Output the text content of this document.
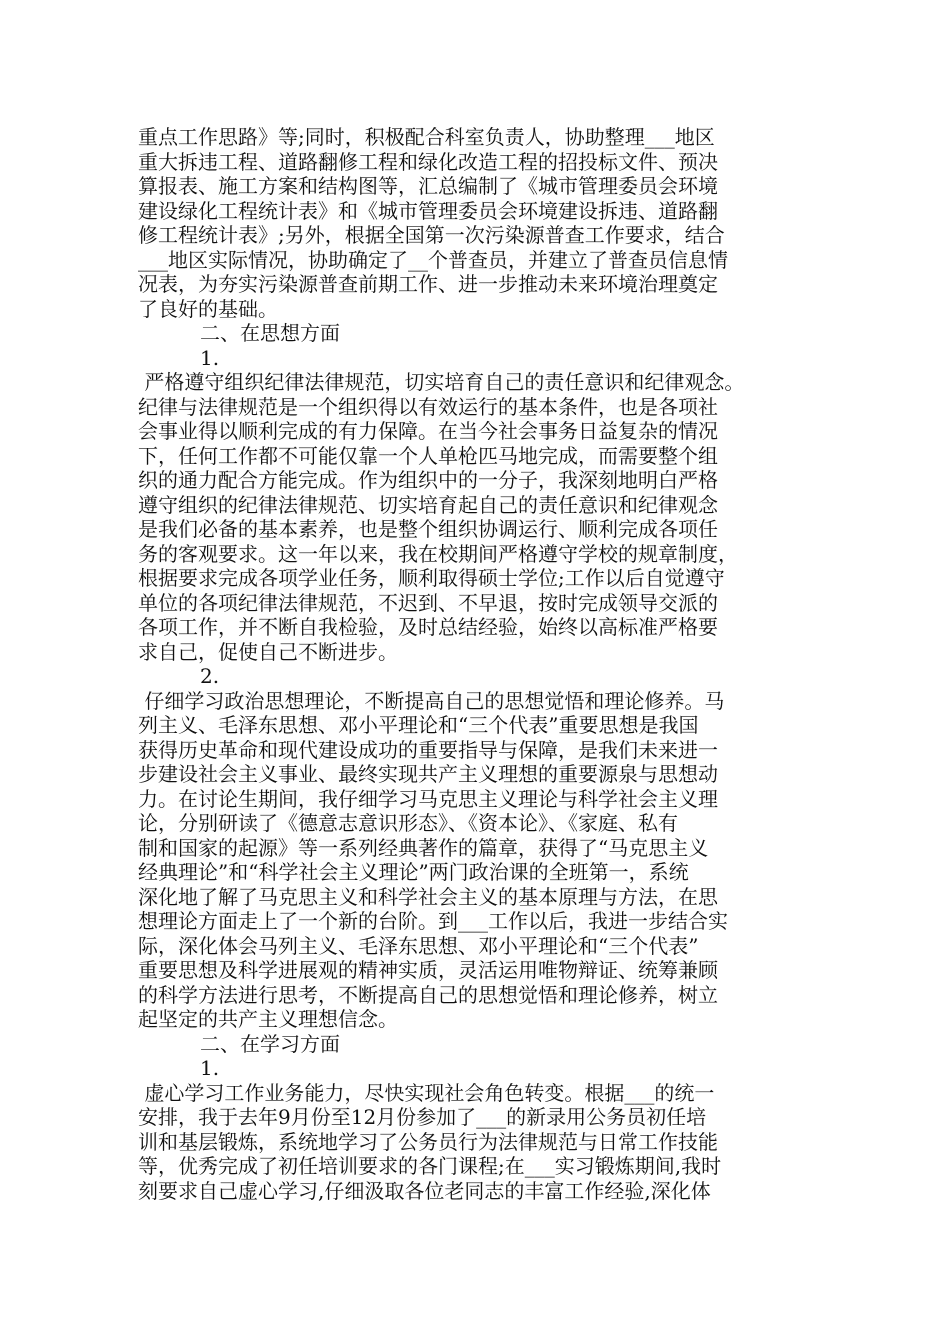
重点工作思路》等;同时，积极配合科室负责人，协助整理___地区
重大拆违工程、道路翻修工程和绿化改造工程的招投标文件、预决
算报表、施工方案和结构图等，汇总编制了《城市管理委员会环境
建设绿化工程统计表》和《城市管理委员会环境建设拆违、道路翻
修工程统计表》;另外，根据全国第一次污染源普查工作要求，结合
___地区实际情况，协助确定了__个普查员，并建立了普查员信息情
况表，为夯实污染源普查前期工作、进一步推动未来环境治理奠定
了良好的基础。
二、在思想方面
1.
严格遵守组织纪律法律规范，切实培育自己的责任意识和纪律观念。
纪律与法律规范是一个组织得以有效运行的基本条件，也是各项社
会事业得以顺利完成的有力保障。在当今社会事务日益复杂的情况
下，任何工作都不可能仅靠一个人单枪匹马地完成，而需要整个组
织的通力配合方能完成。作为组织中的一分子，我深刻地明白严格
遵守组织的纪律法律规范、切实培育起自己的责任意识和纪律观念
是我们必备的基本素养，也是整个组织协调运行、顺利完成各项任
务的客观要求。这一年以来，我在校期间严格遵守学校的规章制度，
根据要求完成各项学业任务，顺利取得硕士学位;工作以后自觉遵守
单位的各项纪律法律规范，不迟到、不早退，按时完成领导交派的
各项工作，并不断自我检验，及时总结经验，始终以高标准严格要
求自己，促使自己不断进步。
2.
仔细学习政治思想理论，不断提高自己的思想觉悟和理论修养。马
列主义、毛泽东思想、邓小平理论和“三个代表”重要思想是我国
获得历史革命和现代建设成功的重要指导与保障，是我们未来进一
步建设社会主义事业、最终实现共产主义理想的重要源泉与思想动
力。在讨论生期间，我仔细学习马克思主义理论与科学社会主义理
论，分别研读了《德意志意识形态》、《资本论》、《家庭、私有
制和国家的起源》等一系列经典著作的篇章，获得了“马克思主义
经典理论”和“科学社会主义理论”两门政治课的全班第一，系统
深化地了解了马克思主义和科学社会主义的基本原理与方法，在思
想理论方面走上了一个新的台阶。到___工作以后，我进一步结合实
际，深化体会马列主义、毛泽东思想、邓小平理论和“三个代表”
重要思想及科学进展观的精神实质，灵活运用唯物辩证、统筹兼顾
的科学方法进行思考，不断提高自己的思想觉悟和理论修养，树立
起坚定的共产主义理想信念。
二、在学习方面
1.
虚心学习工作业务能力，尽快实现社会角色转变。根据___的统一
安排，我于去年9月份至12月份参加了___的新录用公务员初任培
训和基层锻炼，系统地学习了公务员行为法律规范与日常工作技能
等，优秀完成了初任培训要求的各门课程;在___实习锻炼期间,我时
刻要求自己虚心学习,仔细汲取各位老同志的丰富工作经验,深化体
